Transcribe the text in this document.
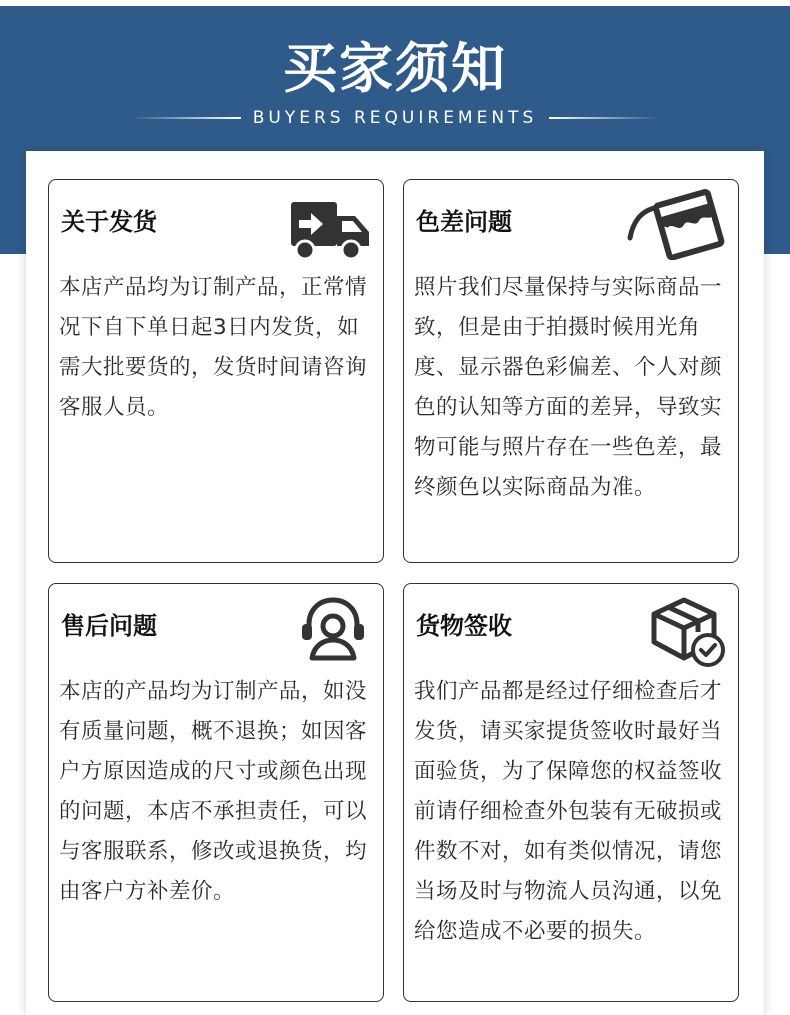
买家须知
BUYERS REQUIREMENTS
关于发货
本店产品均为订制产品，正常情况下自下单日起3日内发货，如需大批要货的，发货时间请咨询客服人员。
色差问题
照片我们尽量保持与实际商品一致，但是由于拍摄时候用光角度、显示器色彩偏差、个人对颜色的认知等方面的差异，导致实物可能与照片存在一些色差，最终颜色以实际商品为准。
售后问题
本店的产品均为订制产品，如没有质量问题，概不退换；如因客户方原因造成的尺寸或颜色出现的问题，本店不承担责任，可以与客服联系，修改或退换货，均由客户方补差价。
货物签收
我们产品都是经过仔细检查后才发货，请买家提货签收时最好当面验货，为了保障您的权益签收前请仔细检查外包装有无破损或件数不对，如有类似情况，请您当场及时与物流人员沟通，以免给您造成不必要的损失。
